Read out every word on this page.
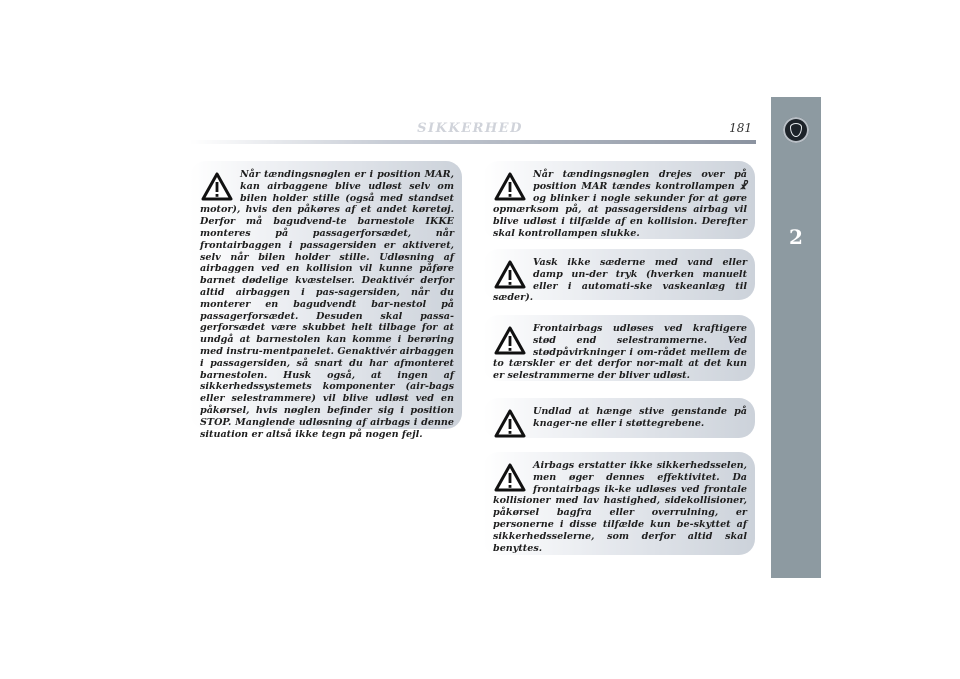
SIKKERHED	181
2

Når tændingsnøglen er i position MAR, kan airbaggene blive udløst selv om bilen holder stille (også med standset motor), hvis den påkøres af et andet køretøj. Derfor må bagudvend-te barnestole IKKE monteres på passagerforsædet, når frontairbaggen i passagersiden er aktiveret, selv når bilen holder stille. Udløsning af airbaggen ved en kollision vil kunne påføre barnet dødelige kvæstelser. Deaktivér derfor altid airbaggen i pas-sagersiden, når du monterer en bagudvendt bar-nestol på passagerforsædet. Desuden skal passa-gerforsædet være skubbet helt tilbage for at undgå at barnestolen kan komme i berøring med instru-mentpanelet. Genaktivér airbaggen i passagersiden, så snart du har afmonteret barnestolen. Husk også, at ingen af sikkerhedssystemets komponenter (air-bags eller selestrammere) vil blive udløst ved en påkørsel, hvis nøglen befinder sig i position STOP. Manglende udløsning af airbags i denne situation er altså ikke tegn på nogen fejl.

Når tændingsnøglen drejes over på position MAR tændes kontrollampen ☧ og blinker i nogle sekunder for at gøre opmærksom på, at passagersidens airbag vil blive udløst i tilfælde af en kollision. Derefter skal kontrollampen slukke.

Vask ikke sæderne med vand eller damp un-der tryk (hverken manuelt eller i automati-ske vaskeanlæg til sæder).

Frontairbags udløses ved kraftigere stød end selestrammerne. Ved stødpåvirkninger i om-rådet mellem de to tærskler er det derfor nor-malt at det kun er selestrammerne der bliver udløst.

Undlad at hænge stive genstande på knager-ne eller i støttegrebene.

Airbags erstatter ikke sikkerhedsselen, men øger dennes effektivitet. Da frontairbags ik-ke udløses ved frontale kollisioner med lav hastighed, sidekollisioner, påkørsel bagfra eller overrulning, er personerne i disse tilfælde kun be-skyttet af sikkerhedsselerne, som derfor altid skal benyttes.
